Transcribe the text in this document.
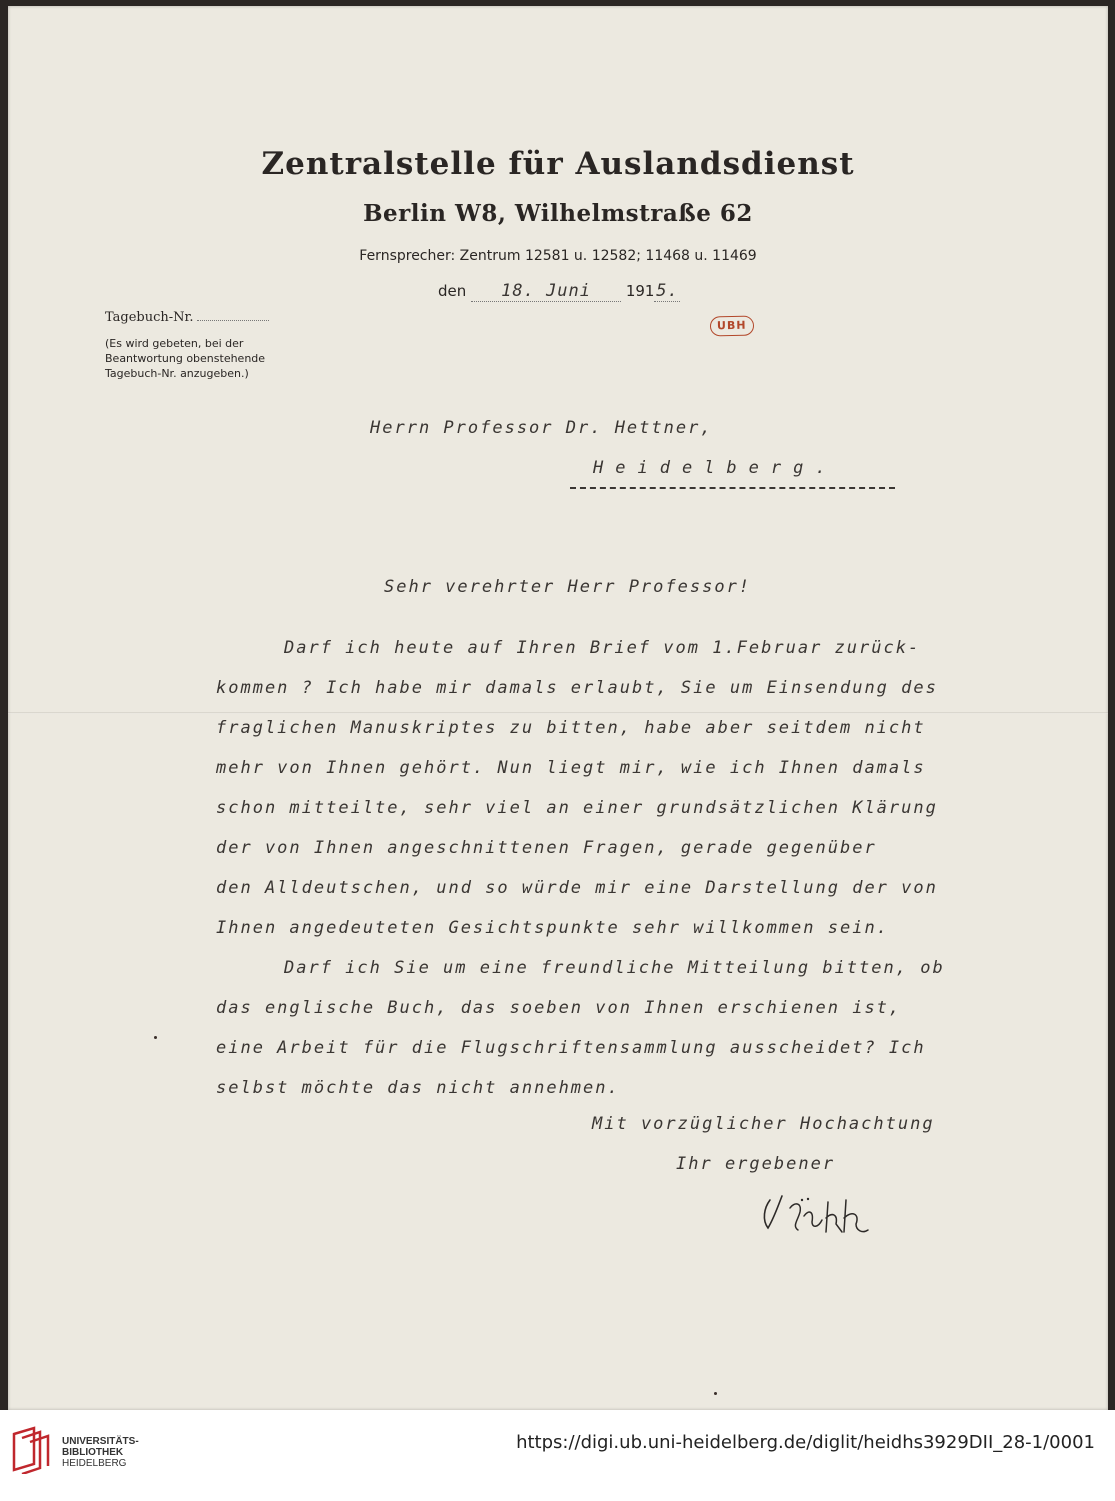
Zentralstelle für Auslandsdienst
Berlin W8, Wilhelmstraße 62
Fernsprecher: Zentrum 12581 u. 12582; 11468 u. 11469
den 18. Juni 191 5.
Tagebuch-Nr.
(Es wird gebeten, bei der
Beantwortung obenstehende
Tagebuch-Nr. anzugeben.)
UBH
Herrn Professor Dr. Hettner,
Heidelberg.
Sehr verehrter Herr Professor!
Darf ich heute auf Ihren Brief vom 1.Februar zurück-
kommen ? Ich habe mir damals erlaubt, Sie um Einsendung des
fraglichen Manuskriptes zu bitten, habe aber seitdem nicht
mehr von Ihnen gehört. Nun liegt mir, wie ich Ihnen damals
schon mitteilte, sehr viel an einer grundsätzlichen Klärung
der von Ihnen angeschnittenen Fragen, gerade gegenüber
den Alldeutschen, und so würde mir eine Darstellung der von
Ihnen angedeuteten Gesichtspunkte sehr willkommen sein.
Darf ich Sie um eine freundliche Mitteilung bitten, ob
das englische Buch, das soeben von Ihnen erschienen ist,
eine Arbeit für die Flugschriftensammlung ausscheidet? Ich
selbst möchte das nicht annehmen.
Mit vorzüglicher Hochachtung
Ihr ergebener
UNIVERSITÄTS-
BIBLIOTHEK
HEIDELBERG
https://digi.ub.uni-heidelberg.de/diglit/heidhs3929DII_28-1/0001
